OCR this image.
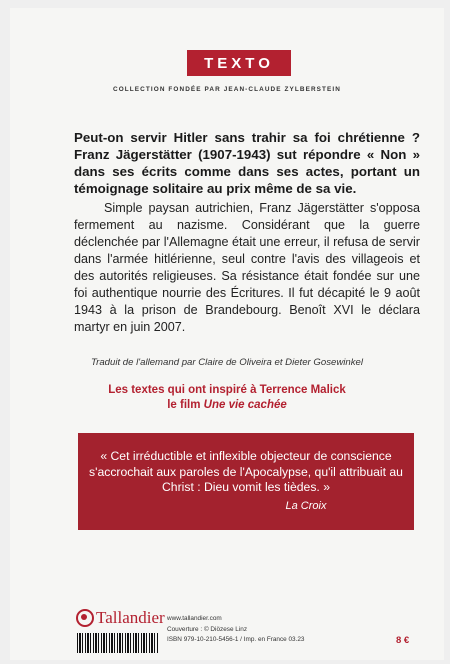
TEXTO
COLLECTION FONDÉE PAR JEAN-CLAUDE ZYLBERSTEIN
Peut-on servir Hitler sans trahir sa foi chrétienne ? Franz Jägerstätter (1907-1943) sut répondre « Non » dans ses écrits comme dans ses actes, portant un témoignage solitaire au prix même de sa vie.

Simple paysan autrichien, Franz Jägerstätter s'opposa fermement au nazisme. Considérant que la guerre déclenchée par l'Allemagne était une erreur, il refusa de servir dans l'armée hitlérienne, seul contre l'avis des villageois et des autorités religieuses. Sa résistance était fondée sur une foi authentique nourrie des Écritures. Il fut décapité le 9 août 1943 à la prison de Brandebourg. Benoît XVI le déclara martyr en juin 2007.

Traduit de l'allemand par Claire de Oliveira et Dieter Gosewinkel
Les textes qui ont inspiré à Terrence Malick
le film Une vie cachée

« Cet irréductible et inflexible objecteur de conscience s'accrochait aux paroles de l'Apocalypse, qu'il attribuait au Christ : Dieu vomit les tièdes. »

La Croix
Tallandier www.tallandier.com
Couverture : © Diözese Linz
ISBN 979-10-210-5456-1 / Imp. en France 03.23	8 €
